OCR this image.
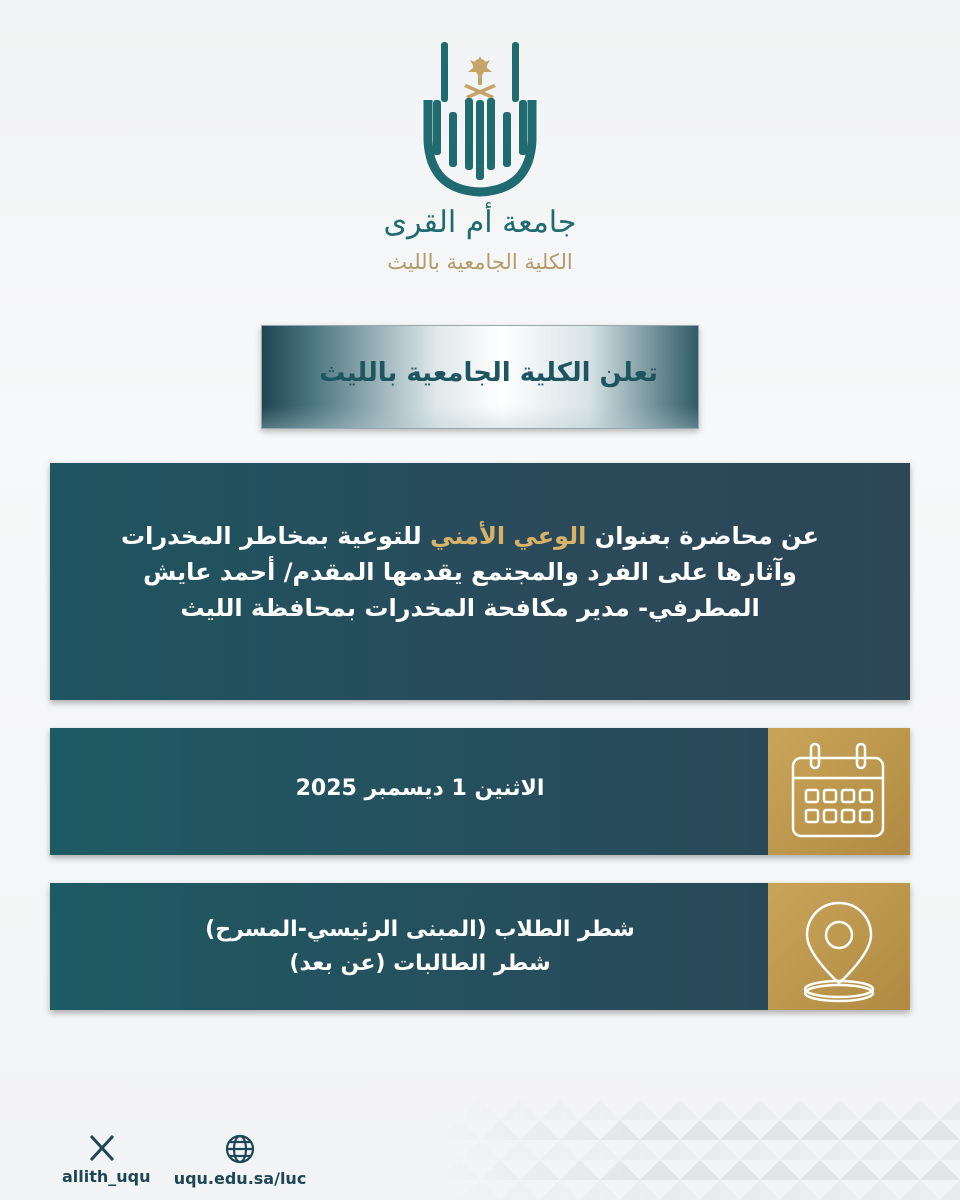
جامعة أم القرى
الكلية الجامعية بالليث
تعلن الكلية الجامعية بالليث
عن محاضرة بعنوان الوعي الأمني للتوعية بمخاطر المخدرات وآثارها على الفرد والمجتمع يقدمها المقدم/ أحمد عايش المطرفي- مدير مكافحة المخدرات بمحافظة الليث
الاثنين 1 ديسمبر 2025
شطر الطلاب (المبنى الرئيسي-المسرح)
شطر الطالبات (عن بعد)
allith_uqu uqu.edu.sa/luc
